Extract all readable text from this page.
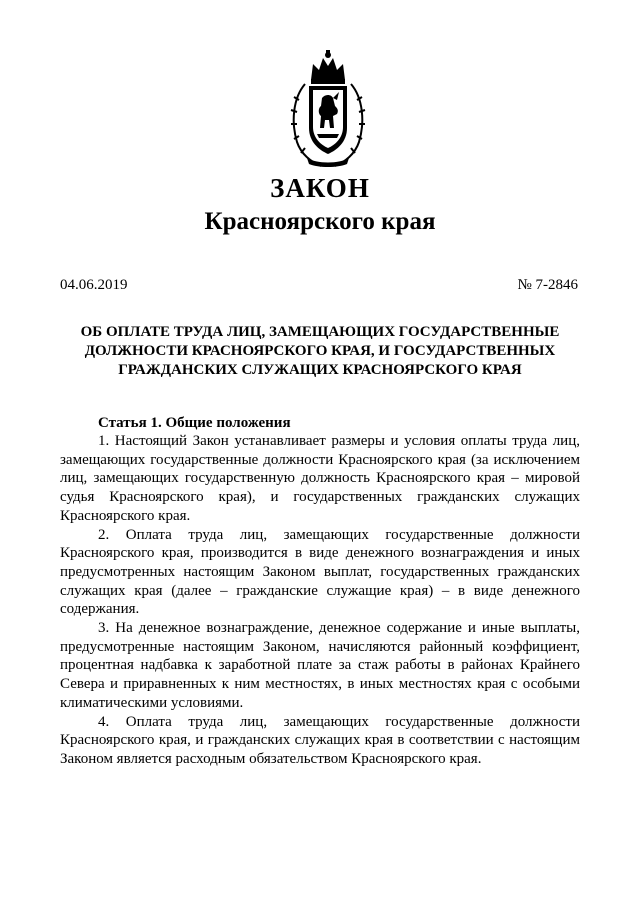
ЗАКОН
Красноярского края
04.06.2019	№ 7-2846
ОБ ОПЛАТЕ ТРУДА ЛИЦ, ЗАМЕЩАЮЩИХ ГОСУДАРСТВЕННЫЕ ДОЛЖНОСТИ КРАСНОЯРСКОГО КРАЯ, И ГОСУДАРСТВЕННЫХ ГРАЖДАНСКИХ СЛУЖАЩИХ КРАСНОЯРСКОГО КРАЯ
Статья 1. Общие положения

1. Настоящий Закон устанавливает размеры и условия оплаты труда лиц, замещающих государственные должности Красноярского края (за исключением лиц, замещающих государственную должность Красноярского края – мировой судья Красноярского края), и государственных гражданских служащих Красноярского края.

2. Оплата труда лиц, замещающих государственные должности Красноярского края, производится в виде денежного вознаграждения и иных предусмотренных настоящим Законом выплат, государственных гражданских служащих края (далее – гражданские служащие края) – в виде денежного содержания.

3. На денежное вознаграждение, денежное содержание и иные выплаты, предусмотренные настоящим Законом, начисляются районный коэффициент, процентная надбавка к заработной плате за стаж работы в районах Крайнего Севера и приравненных к ним местностях, в иных местностях края с особыми климатическими условиями.

4. Оплата труда лиц, замещающих государственные должности Красноярского края, и гражданских служащих края в соответствии с настоящим Законом является расходным обязательством Красноярского края.
